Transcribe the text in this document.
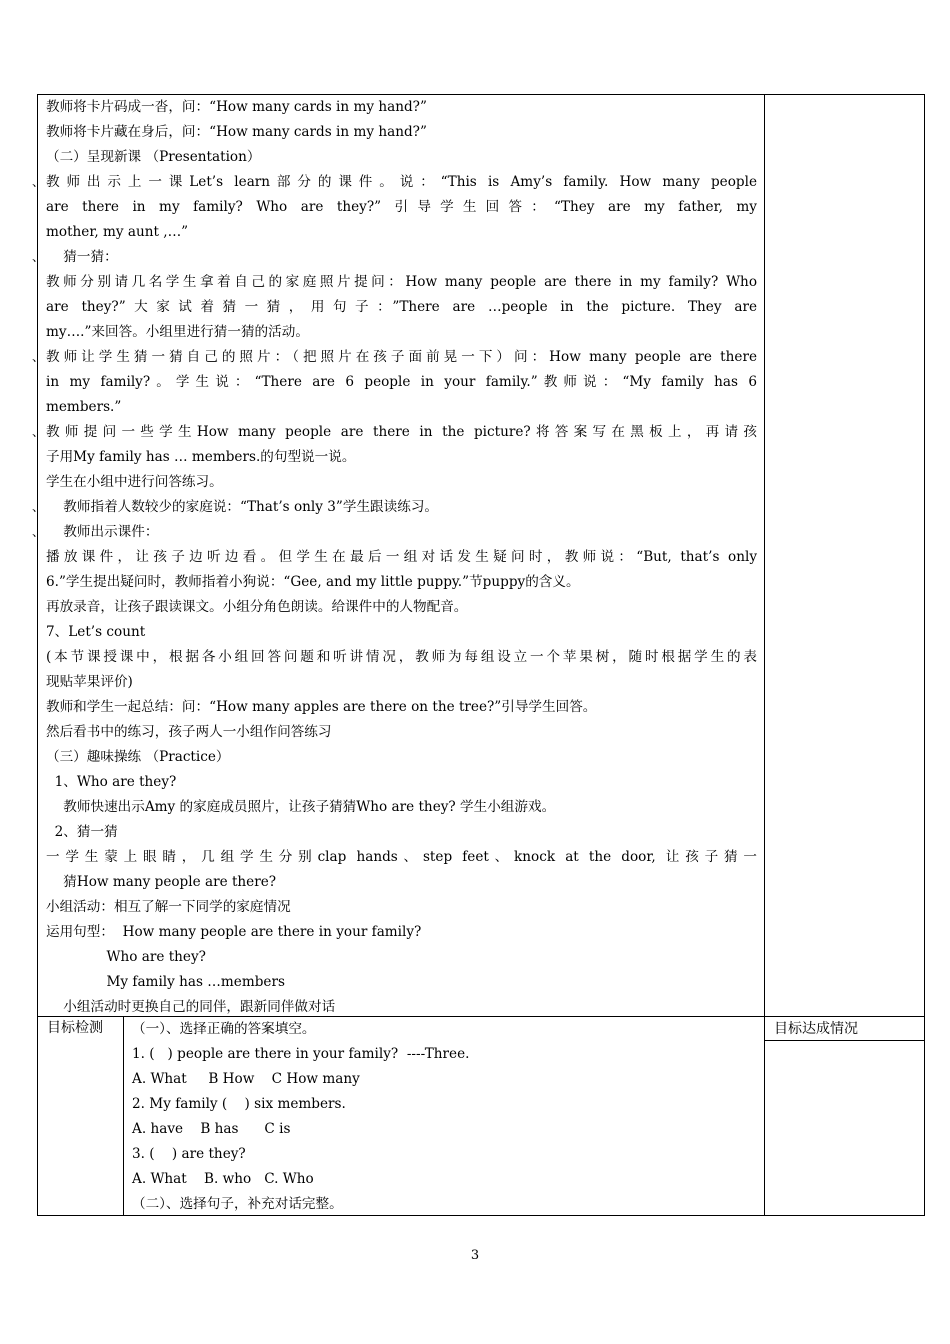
教师将卡片码成一沓，问：“How many cards in my hand?”
教师将卡片藏在身后，问：“How many cards in my hand?”
（二）呈现新课 （Presentation）
、 教师出示上一课Let’s learn部分的课件。说：“This is Amy’s family. How many people
are there in my family? Who are they?” 引导学生回答：“They are my father, my
mother, my aunt ,…”
、 猜一猜：
教师分别请几名学生拿着自己的家庭照片提问：How many people are there in my family? Who
are they?”大家试着猜一猜，用句子：”There are …people in the picture. They are
my….”来回答。小组里进行猜一猜的活动。
、 教师让学生猜一猜自己的照片：（把照片在孩子面前晃一下）问：How many people are there
in my family?。学生说：“There are 6 people in your family.”教师说：“My family has 6
members.”
、 教师提问一些学生How many people are there in the picture?将答案写在黑板上，再请孩
子用My family has … members.的句型说一说。
学生在小组中进行问答练习。
、 教师指着人数较少的家庭说：“That’s only 3”学生跟读练习。
、 教师出示课件：
播放课件，让孩子边听边看。但学生在最后一组对话发生疑问时，教师说：“But, that’s only
6.”学生提出疑问时，教师指着小狗说：“Gee, and my little puppy.”节puppy的含义。
再放录音，让孩子跟读课文。小组分角色朗读。给课件中的人物配音。
7、Let’s count
(本节课授课中，根据各小组回答问题和听讲情况，教师为每组设立一个苹果树，随时根据学生的表
现贴苹果评价)
教师和学生一起总结：问：“How many apples are there on the tree?”引导学生回答。
然后看书中的练习，孩子两人一小组作问答练习
（三）趣味操练 （Practice）
1、Who are they?
教师快速出示Amy 的家庭成员照片，让孩子猜猜Who are they? 学生小组游戏。
2、猜一猜
一学生蒙上眼睛，几组学生分别clap hands、step feet、knock at the door, 让孩子猜一
猜How many people are there?
小组活动：相互了解一下同学的家庭情况
运用句型：  How many people are there in your family?
Who are they?
My family has …members
小组活动时更换自己的同伴，跟新同伴做对话
目标检测	目标达成情况
（一）、选择正确的答案填空。
1. (   ) people are there in your family?  ----Three.
A. What     B How    C How many
2. My family (    ) six members.
A. have    B has      C is
3. (    ) are they?
A. What    B. who   C. Who
（二）、选择句子，补充对话完整。
3
